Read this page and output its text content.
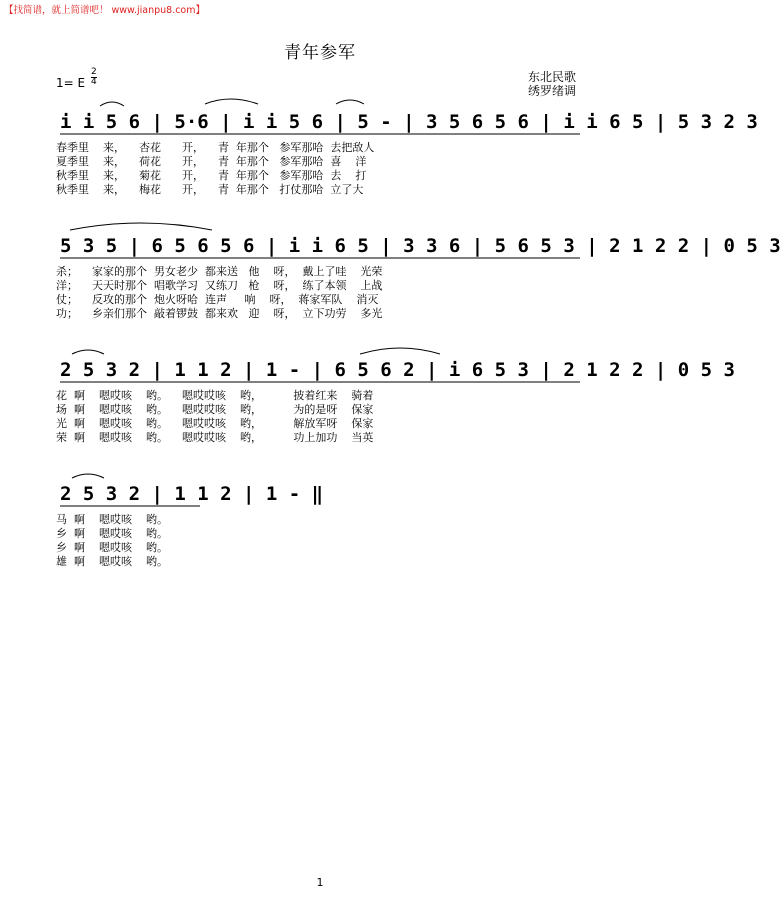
【找简谱，就上简谱吧！ www.jianpu8.com】
青年参军
东北民歌
绣罗绪调
1= E $\frac{2}{4}$
i i 5 6 | 5·6 | i i 5 6 | 5 - | 3 5 6 5 6 | i i 6 5 | 5 3 2 3
春季里    来，    杏花      开，    青  年那个   参军那哈  去把敌人
夏季里    来，    荷花      开，    青  年那个   参军那哈  喜    洋
秋季里    来，    菊花      开，    青  年那个   参军那哈  去    打
秋季里    来，    梅花      开，    青  年那个   打仗那哈  立了大
5 3 5 | 6 5 6 5 6 | i i 6 5 | 3 3 6 | 5 6 5 3 | 2 1 2 2 | 0 5 3
杀；    家家的那个  男女老少  都来送   他    呀，  戴上了哇    光荣
洋；    天天时那个  唱歌学习  又练刀   枪    呀，  练了本领    上战
仗；    反攻的那个  炮火呀哈  连声     响    呀，  蒋家军队    消灭
功；    乡亲们那个  敲着锣鼓  都来欢   迎    呀，  立下功劳    多光
2 5 3 2 | 1 1 2 | 1 - | 6 5 6 2 | i 6 5 3 | 2 1 2 2 | 0 5 3
花  啊    嗯哎咳    哟。    嗯哎哎咳    哟，         披着红来    骑着
场  啊    嗯哎咳    哟。    嗯哎哎咳    哟，         为的是呀    保家
光  啊    嗯哎咳    哟。    嗯哎哎咳    哟，         解放军呀    保家
荣  啊    嗯哎咳    哟。    嗯哎哎咳    哟，         功上加功    当英
2 5 3 2 | 1 1 2 | 1 - ‖
马  啊    嗯哎咳    哟。
乡  啊    嗯哎咳    哟。
乡  啊    嗯哎咳    哟。
雄  啊    嗯哎咳    哟。
1
